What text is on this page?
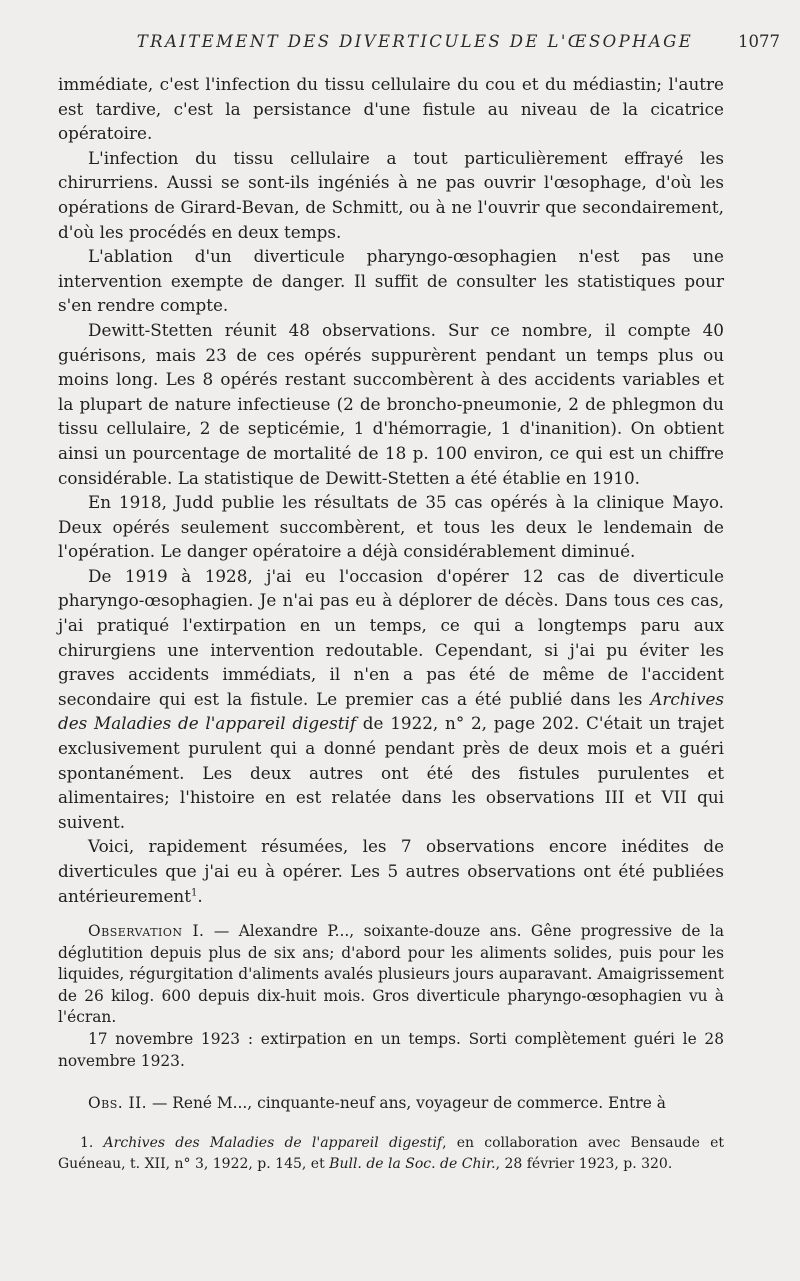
TRAITEMENT DES DIVERTICULES DE L'ŒSOPHAGE	1077

immédiate, c'est l'infection du tissu cellulaire du cou et du médiastin; l'autre est tardive, c'est la persistance d'une fistule au niveau de la cicatrice opératoire.

L'infection du tissu cellulaire a tout particulièrement effrayé les chirurriens. Aussi se sont-ils ingéniés à ne pas ouvrir l'œsophage, d'où les opérations de Girard-Bevan, de Schmitt, ou à ne l'ouvrir que secondairement, d'où les procédés en deux temps.

L'ablation d'un diverticule pharyngo-œsophagien n'est pas une intervention exempte de danger. Il suffit de consulter les statistiques pour s'en rendre compte.

Dewitt-Stetten réunit 48 observations. Sur ce nombre, il compte 40 guérisons, mais 23 de ces opérés suppurèrent pendant un temps plus ou moins long. Les 8 opérés restant succombèrent à des accidents variables et la plupart de nature infectieuse (2 de broncho-pneumonie, 2 de phlegmon du tissu cellulaire, 2 de septicémie, 1 d'hémorragie, 1 d'inanition). On obtient ainsi un pourcentage de mortalité de 18 p. 100 environ, ce qui est un chiffre considérable. La statistique de Dewitt-Stetten a été établie en 1910.

En 1918, Judd publie les résultats de 35 cas opérés à la clinique Mayo. Deux opérés seulement succombèrent, et tous les deux le lendemain de l'opération. Le danger opératoire a déjà considérablement diminué.

De 1919 à 1928, j'ai eu l'occasion d'opérer 12 cas de diverticule pharyngo-œsophagien. Je n'ai pas eu à déplorer de décès. Dans tous ces cas, j'ai pratiqué l'extirpation en un temps, ce qui a longtemps paru aux chirurgiens une intervention redoutable. Cependant, si j'ai pu éviter les graves accidents immédiats, il n'en a pas été de même de l'accident secondaire qui est la fistule. Le premier cas a été publié dans les Archives des Maladies de l'appareil digestif de 1922, n° 2, page 202. C'était un trajet exclusivement purulent qui a donné pendant près de deux mois et a guéri spontanément. Les deux autres ont été des fistules purulentes et alimentaires; l'histoire en est relatée dans les observations III et VII qui suivent.

Voici, rapidement résumées, les 7 observations encore inédites de diverticules que j'ai eu à opérer. Les 5 autres observations ont été publiées antérieurement$^1$.

Observation I. — Alexandre P..., soixante-douze ans. Gêne progressive de la déglutition depuis plus de six ans; d'abord pour les aliments solides, puis pour les liquides, régurgitation d'aliments avalés plusieurs jours auparavant. Amaigrissement de 26 kilog. 600 depuis dix-huit mois. Gros diverticule pharyngo-œsophagien vu à l'écran.

17 novembre 1923 : extirpation en un temps. Sorti complètement guéri le 28 novembre 1923.

Obs. II. — René M..., cinquante-neuf ans, voyageur de commerce. Entre à

1. Archives des Maladies de l'appareil digestif, en collaboration avec Bensaude et Guéneau, t. XII, n° 3, 1922, p. 145, et Bull. de la Soc. de Chir., 28 février 1923, p. 320.
